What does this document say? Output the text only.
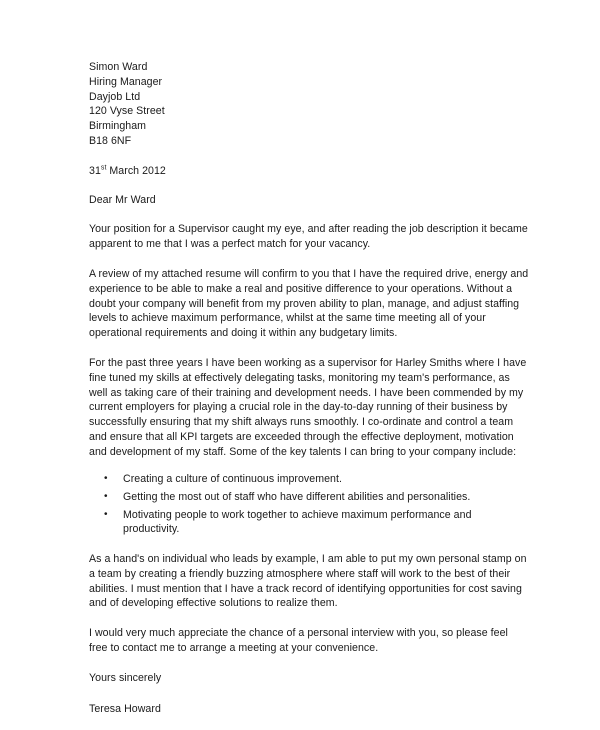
Simon Ward
Hiring Manager
Dayjob Ltd
120 Vyse Street
Birmingham
B18 6NF
31st March 2012
Dear Mr Ward

Your position for a Supervisor caught my eye, and after reading the job description it became apparent to me that I was a perfect match for your vacancy.

A review of my attached resume will confirm to you that I have the required drive, energy and experience to be able to make a real and positive difference to your operations. Without a doubt your company will benefit from my proven ability to plan, manage, and adjust staffing levels to achieve maximum performance, whilst at the same time meeting all of your operational requirements and doing it within any budgetary limits.

For the past three years I have been working as a supervisor for Harley Smiths where I have fine tuned my skills at effectively delegating tasks, monitoring my team's performance, as well as taking care of their training and development needs. I have been commended by my current employers for playing a crucial role in the day-to-day running of their business by successfully ensuring that my shift always runs smoothly. I co-ordinate and control a team and ensure that all KPI targets are exceeded through the effective deployment, motivation and development of my staff. Some of the key talents I can bring to your company include:

• Creating a culture of continuous improvement.
• Getting the most out of staff who have different abilities and personalities.
• Motivating people to work together to achieve maximum performance and productivity.

As a hand's on individual who leads by example, I am able to put my own personal stamp on a team by creating a friendly buzzing atmosphere where staff will work to the best of their abilities. I must mention that I have a track record of identifying opportunities for cost saving and of developing effective solutions to realize them.

I would very much appreciate the chance of a personal interview with you, so please feel free to contact me to arrange a meeting at your convenience.

Yours sincerely
Teresa Howard
